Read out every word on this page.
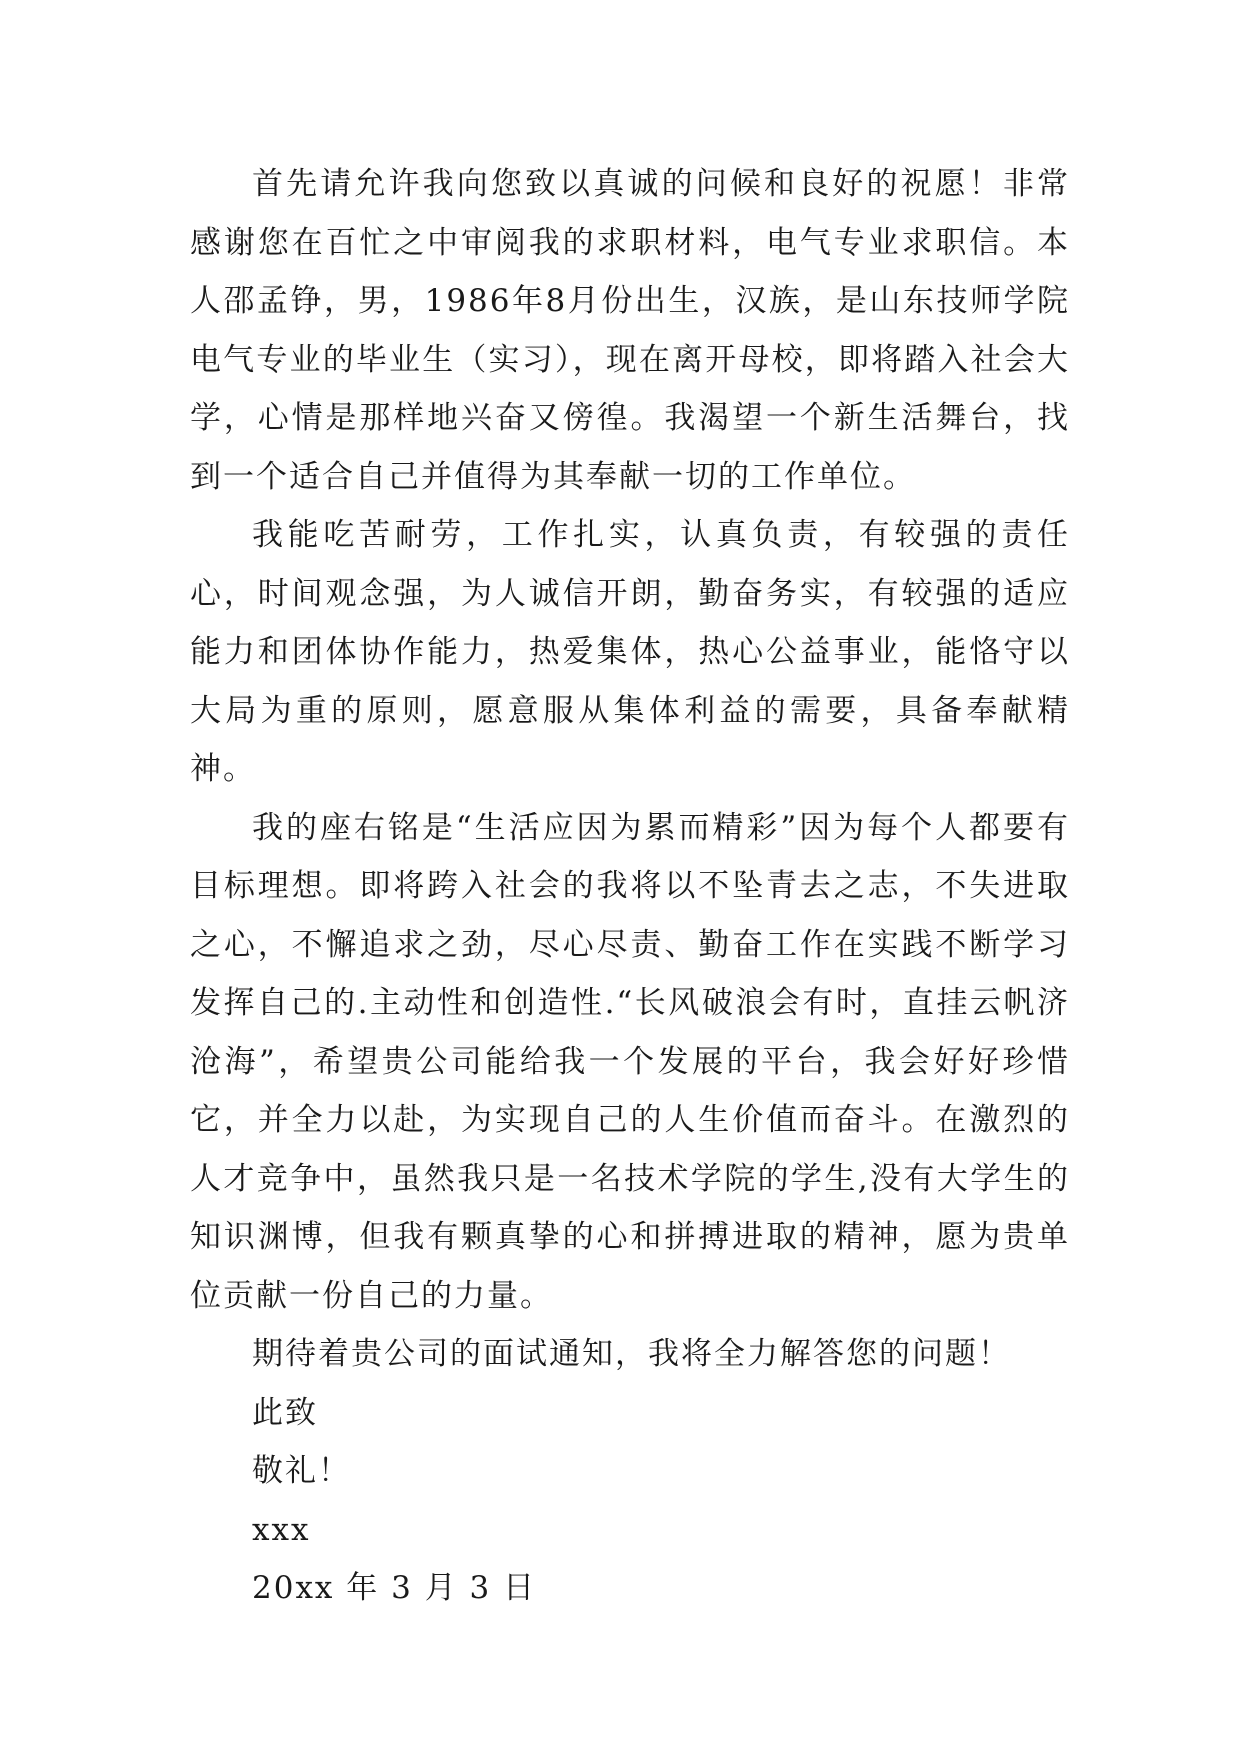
首先请允许我向您致以真诚的问候和良好的祝愿！非常感谢您在百忙之中审阅我的求职材料，电气专业求职信。本人邵孟铮，男，1986年8月份出生，汉族，是山东技师学院电气专业的毕业生（实习），现在离开母校，即将踏入社会大学，心情是那样地兴奋又傍徨。我渴望一个新生活舞台，找到一个适合自己并值得为其奉献一切的工作单位。

我能吃苦耐劳，工作扎实，认真负责，有较强的责任心，时间观念强，为人诚信开朗，勤奋务实，有较强的适应能力和团体协作能力，热爱集体，热心公益事业，能恪守以大局为重的原则，愿意服从集体利益的需要，具备奉献精神。

我的座右铭是“生活应因为累而精彩”因为每个人都要有目标理想。即将跨入社会的我将以不坠青去之志，不失进取之心，不懈追求之劲，尽心尽责、勤奋工作在实践不断学习发挥自己的.主动性和创造性.“长风破浪会有时，直挂云帆济沧海”，希望贵公司能给我一个发展的平台，我会好好珍惜它，并全力以赴，为实现自己的人生价值而奋斗。在激烈的人才竞争中，虽然我只是一名技术学院的学生,没有大学生的知识渊博，但我有颗真挚的心和拼搏进取的精神，愿为贵单位贡献一份自己的力量。

期待着贵公司的面试通知，我将全力解答您的问题！

此致

敬礼！

xxx

20xx 年 3 月 3 日
